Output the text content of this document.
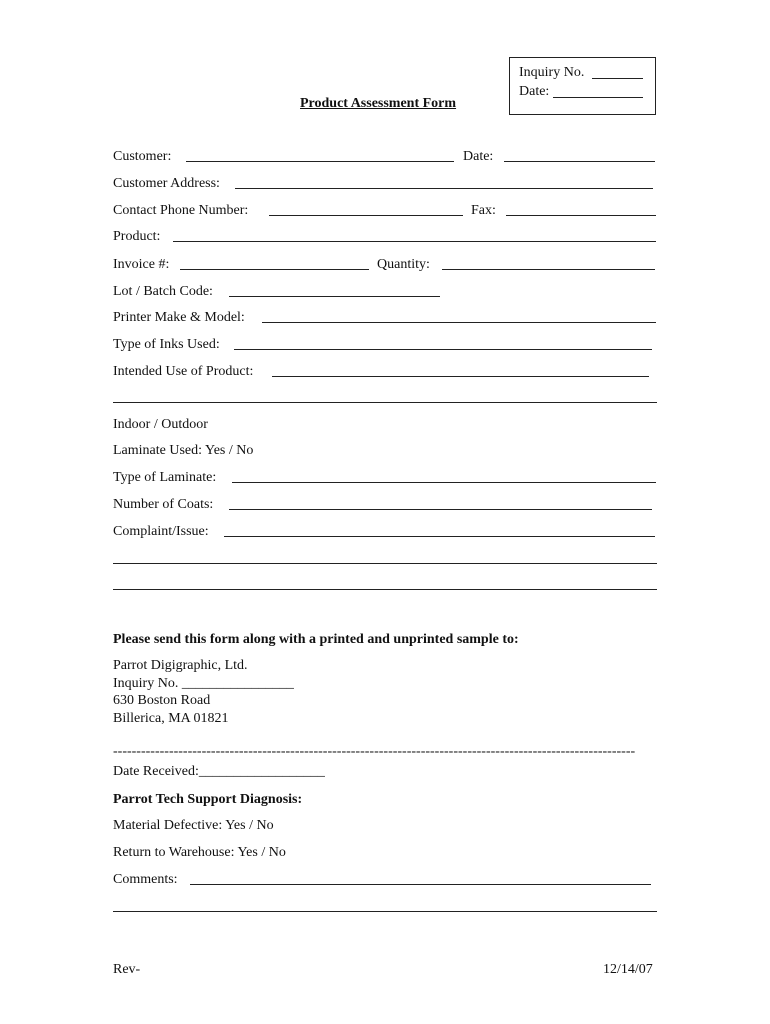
Inquiry No.
Date:
Product Assessment Form
Customer:	Date:
Customer Address:
Contact Phone Number:	Fax:
Product:
Invoice #:	Quantity:
Lot / Batch Code:
Printer Make & Model:
Type of Inks Used:
Intended Use of Product:
Indoor / Outdoor
Laminate Used: Yes / No
Type of Laminate:
Number of Coats:
Complaint/Issue:
Please send this form along with a printed and unprinted sample to:
Parrot Digigraphic, Ltd.
Inquiry No. ________________
630 Boston Road
Billerica, MA 01821
----------------------------------------------------------------------------------------------------------------
Date Received:__________________
Parrot Tech Support Diagnosis:
Material Defective: Yes / No
Return to Warehouse: Yes / No
Comments:
Rev-	12/14/07
